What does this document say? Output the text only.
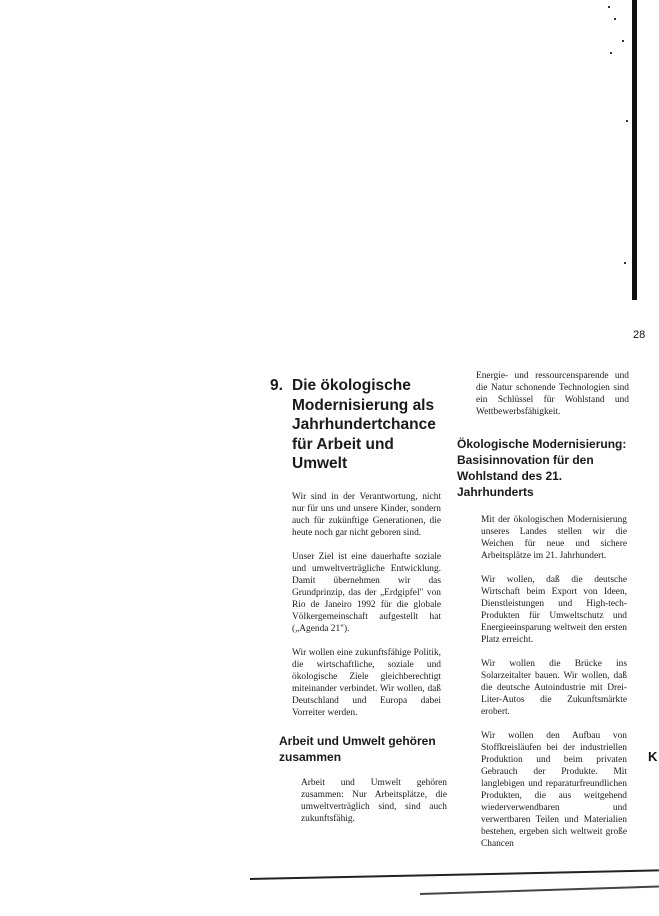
28
K
9. Die ökologische
Modernisierung als
Jahrhundertchance
für Arbeit und
Umwelt

Wir sind in der Verantwortung, nicht nur für uns und unsere Kinder, sondern auch für zukünftige Generationen, die heute noch gar nicht geboren sind.

Unser Ziel ist eine dauerhafte soziale und umweltverträgliche Entwicklung. Damit übernehmen wir das Grundprinzip, das der „Erdgipfel" von Rio de Janeiro 1992 für die globale Völkergemeinschaft aufgestellt hat („Agenda 21").

Wir wollen eine zukunftsfähige Politik, die wirtschaftliche, soziale und ökologische Ziele gleichberechtigt miteinander verbindet. Wir wollen, daß Deutschland und Europa dabei Vorreiter werden.

Arbeit und Umwelt gehören zusammen

Arbeit und Umwelt gehören zusammen: Nur Arbeitsplätze, die umweltverträglich sind, sind auch zukunftsfähig.

Energie- und ressourcensparende und die Natur schonende Technologien sind ein Schlüssel für Wohlstand und Wettbewerbsfähigkeit.

Ökologische Modernisierung: Basisinnovation für den Wohlstand des 21. Jahrhunderts

Mit der ökologischen Modernisierung unseres Landes stellen wir die Weichen für neue und sichere Arbeitsplätze im 21. Jahrhundert.

Wir wollen, daß die deutsche Wirtschaft beim Export von Ideen, Dienstleistungen und High-tech-Produkten für Umweltschutz und Energieeinsparung weltweit den ersten Platz erreicht.

Wir wollen die Brücke ins Solarzeitalter bauen. Wir wollen, daß die deutsche Autoindustrie mit Drei-Liter-Autos die Zukunftsmärkte erobert.

Wir wollen den Aufbau von Stoffkreisläufen bei der industriellen Produktion und beim privaten Gebrauch der Produkte. Mit langlebigen und reparaturfreundlichen Produkten, die aus weitgehend wiederverwendbaren und verwertbaren Teilen und Materialien bestehen, ergeben sich weltweit große Chancen
